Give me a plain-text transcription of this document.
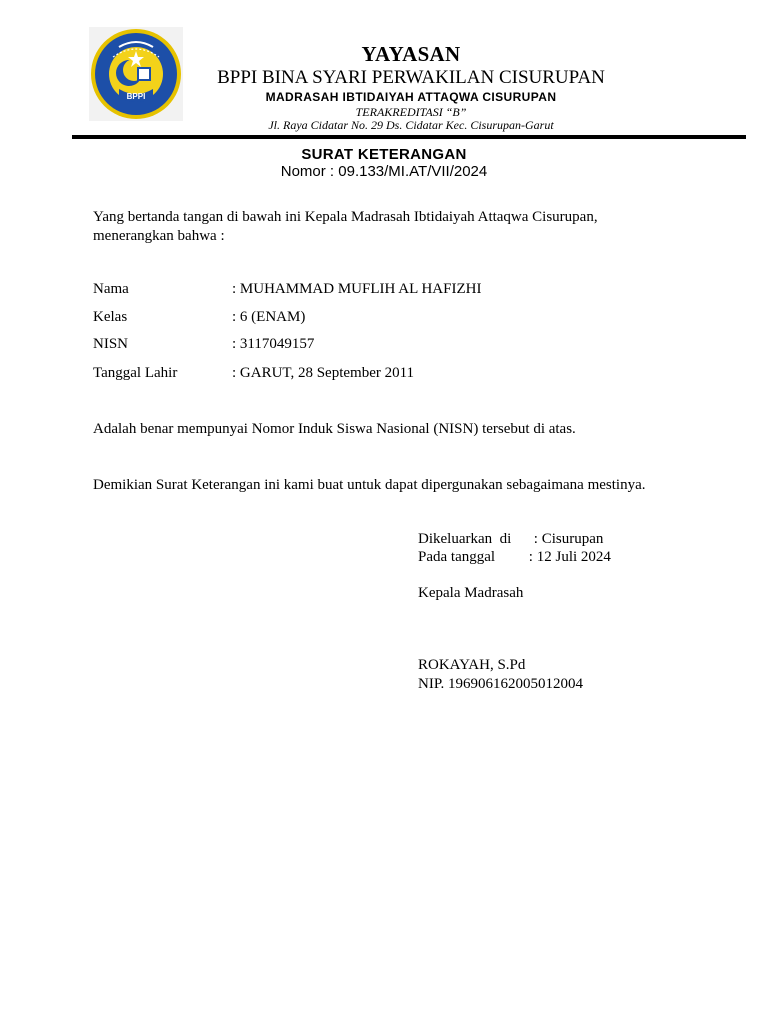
BPPI
YAYASAN
BPPI BINA SYARI PERWAKILAN CISURUPAN
MADRASAH IBTIDAIYAH ATTAQWA CISURUPAN
TERAKREDITASI “B”
Jl. Raya Cidatar No. 29 Ds. Cidatar Kec. Cisurupan-Garut
SURAT KETERANGAN
Nomor : 09.133/MI.AT/VII/2024
Yang bertanda tangan di bawah ini Kepala Madrasah Ibtidaiyah Attaqwa Cisurupan,
menerangkan bahwa :
Nama	: MUHAMMAD MUFLIH AL HAFIZHI
Kelas	: 6 (ENAM)
NISN	: 3117049157
Tanggal Lahir	: GARUT, 28 September 2011
Adalah benar mempunyai Nomor Induk Siswa Nasional (NISN) tersebut di atas.
Demikian Surat Keterangan ini kami buat untuk dapat dipergunakan sebagaimana mestinya.
Dikeluarkan  di      : Cisurupan
Pada tanggal         : 12 Juli 2024
Kepala Madrasah
ROKAYAH, S.Pd
NIP. 196906162005012004
